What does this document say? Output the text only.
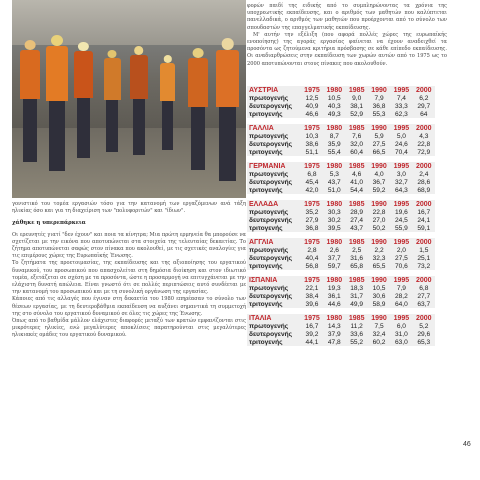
γονιστικό του τομέα εργασιών τόσο για την κατανομή των εργαζόμενων ανά τάξη ηλικίας όσο και για τη διαχείριση των "πολυφοριτών" και "ίδιων".

χάθηκε η υπερεπάρκεια

Οι ερευνητές γιατί "δεν έχουν" και ποια τα κίνητρα; Μια πρώτη ερμηνεία θα μπορούσε να σχετίζεται με την εικόνα που αποτυπώνεται στα στοιχεία της τελευταίας δεκαετίας. Το ζήτημα αποτυπώνεται σαφώς στον πίνακα που ακολουθεί, με τις σχετικές αναλογίες για τις επιμέρους χώρες της Ευρωπαϊκής Ένωσης.

Το ζητήματα της προετοιμασίας, της εκπαίδευσης και της αξιοποίησης του εργατικού δυναμικού, του προσωπικού που απασχολείται στη δημόσια διοίκηση και στον ιδιωτικό τομέα, εξετάζεται σε σχέση με τα προσόντα, ώστε η προσαρμογή να επιτυγχάνεται με την ελάχιστη δυνατή απώλεια. Είναι γνωστό ότι σε πολλές περιπτώσεις αυτό συνδέεται με την κατανομή του προσωπικού και με τη συνολική οργάνωση της εργασίας.

Κάποιες από τις αλλαγές που έγιναν στη δεκαετία του 1980 επηρέασαν το σύνολο των θέσεων εργασίας, με τη δευτεροβάθμια εκπαίδευση να αυξάνει σημαντικά τη συμμετοχή της στο σύνολο του εργατικού δυναμικού σε όλες τις χώρες της Ένωσης.

Όπως από το βαθμίδα μάλλον ελάχιστες διαφορές μεταξύ των κρατών εμφανίζονται στις μικρότερες ηλικίες, ενώ μεγαλύτερες αποκλίσεις παρατηρούνται στις μεγαλύτερες ηλικιακές ομάδες του εργατικού δυναμικού.

φορών παιδί της ειδικής από το συμπληρώνοντας τα χρόνια της υποχρεωτικής εκπαίδευσης, και ο αριθμός των μαθητών που καλύπτεται πανελλαδικά, ο αριθμός των μαθητών που προέρχονται από το σύνολο των σπουδαστών της επαγγελματικής εκπαίδευσης.

Μ' αυτήν την εξέλιξη (που αφορά πολλές χώρες της ευρωπαϊκής ενοποίησης) της αγοράς εργασίας φαίνεται να έχουν αναδειχθεί τα προσόντα ως ζητούμενα κριτήρια πρόσβασης σε κάθε επίπεδο εκπαίδευσης. Οι αναδιαρθρώσεις στην εκπαίδευση των χωρών αυτών από το 1975 ως το 2000 αποτυπώνονται στους πίνακες που ακολουθούν.

ΑΥΣΤΡΙΑ	1975	1980	1985	1990	1995	2000
πρωτογενής	12,5	10,5	9,0	7,9	7,4	6,2
δευτερογενής	40,9	40,3	38,1	36,8	33,3	29,7
τριτογενής	46,6	49,3	52,9	55,3	62,3	64
ΓΑΛΛΙΑ	1975	1980	1985	1990	1995	2000
πρωτογενής	10,3	8,7	7,6	5,9	5,0	4,3
δευτερογενής	38,6	35,9	32,0	27,5	24,6	22,8
τριτογενής	51,1	55,4	60,4	66,5	70,4	72,9
ΓΕΡΜΑΝΙΑ	1975	1980	1985	1990	1995	2000
πρωτογενής	6,8	5,3	4,6	4,0	3,0	2,4
δευτερογενής	45,4	43,7	41,0	36,7	32,7	28,6
τριτογενής	42,0	51,0	54,4	59,2	64,3	68,9
ΕΛΛΑΔΑ	1975	1980	1985	1990	1995	2000
πρωτογενής	35,2	30,3	28,9	22,8	19,6	16,7
δευτερογενής	27,9	30,2	27,4	27,0	24,5	24,1
τριτογενής	36,8	39,5	43,7	50,2	55,9	59,1
ΑΓΓΛΙΑ	1975	1980	1985	1990	1995	2000
πρωτογενής	2,8	2,6	2,5	2,2	2,0	1,5
δευτερογενής	40,4	37,7	31,6	32,3	27,5	25,1
τριτογενής	56,8	59,7	65,8	65,5	70,6	73,2
ΙΣΠΑΝΙΑ	1975	1980	1985	1990	1995	2000
πρωτογενής	22,1	19,3	18,3	10,5	7,9	6,8
δευτερογενής	38,4	36,1	31,7	30,6	28,2	27,7
τριτογενής	39,6	44,6	49,9	58,9	64,0	63,7
ΙΤΑΛΙΑ	1975	1980	1985	1990	1995	2000
πρωτογενής	16,7	14,3	11,2	7,5	6,0	5,2
δευτερογενής	39,2	37,9	33,6	32,4	31,0	29,6
τριτογενής	44,1	47,8	55,2	60,2	63,0	65,3
46
